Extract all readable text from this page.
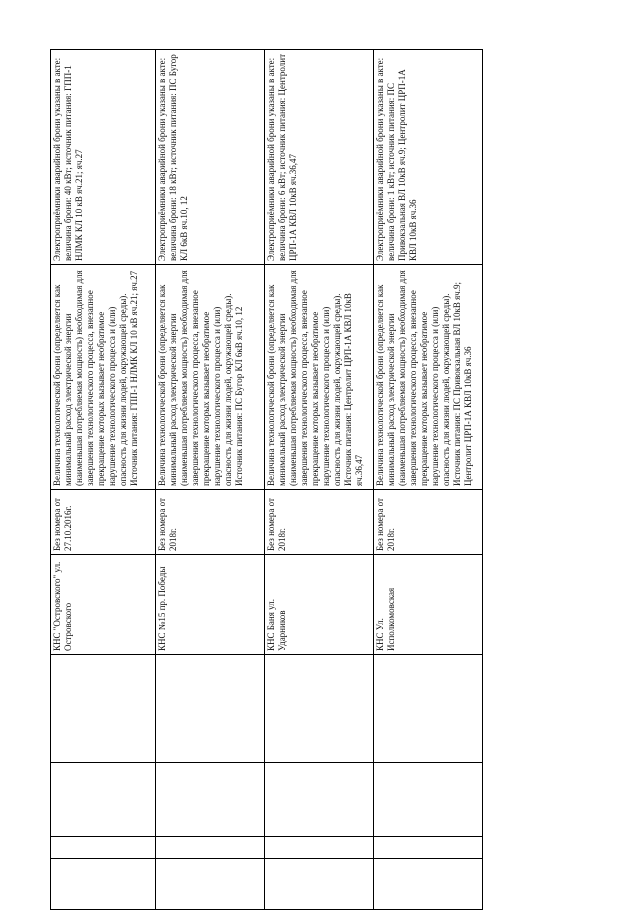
	КНС "Островского" ул. Островского	Без номера от 27.10.2016г.	Величина технологической брони (определяется как минимальный расход электрической энергии (наименьшая потребляемая мощность) необходимая для завершения технологического процесса, внезапное прекращение которых вызывает необратимое нарушение технологического процесса и (или) опасность для жизни людей, окружающей среды). Источник питания: ГПП-1 НЛМК КЛ 10 кВ яч.21; яч.27	Электроприёмники аварийной брони указаны в акте: величина брони: 40 кВт; источник питания: ГПП-1 НЛМК КЛ 10 кВ яч.21; яч.27
	КНС №15 пр. Победы	Без номера от 2018г.	Величина технологической брони (определяется как минимальный расход электрической энергии (наименьшая потребляемая мощность) необходимая для завершения технологического процесса, внезапное прекращение которых вызывает необратимое нарушение технологического процесса и (или) опасность для жизни людей, окружающей среды). Источник питания: ПС Бугор КЛ 6кВ яч.10, 12	Электроприёмники аварийной брони указаны в акте: величина брони: 18 кВт; источник питания: ПС Бугор КЛ 6кВ яч.10, 12
	КНС Баня ул. Ударников	Без номера от 2018г.	Величина технологической брони (определяется как минимальный расход электрической энергии (наименьшая потребляемая мощность) необходимая для завершения технологического процесса, внезапное прекращение которых вызывает необратимое нарушение технологического процесса и (или) опасность для жизни людей, окружающей среды). Источник питания: Центролит ЦРП-1А КВЛ 10кВ яч.36,47	Электроприёмники аварийной брони указаны в акте: величина брони: 6 кВт; источник питания: Центролит ЦРП-1А КВЛ 10кВ яч.36,47
	КНС Ул. Исполкомовская	Без номера от 2018г.	Величина технологической брони (определяется как минимальный расход электрической энергии (наименьшая потребляемая мощность) необходимая для завершения технологического процесса, внезапное прекращение которых вызывает необратимое нарушение технологического процесса и (или) опасность для жизни людей, окружающей среды). Источник питания: ПС Привокзальная ВЛ 10кВ яч.9; Центролит ЦРП-1А КВЛ 10кВ яч.36	Электроприёмники аварийной брони указаны в акте: величина брони: 1 кВт; источник питания: ПС Привокзальная ВЛ 10кВ яч.9; Центролит ЦРП-1А КВЛ 10кВ яч.36
